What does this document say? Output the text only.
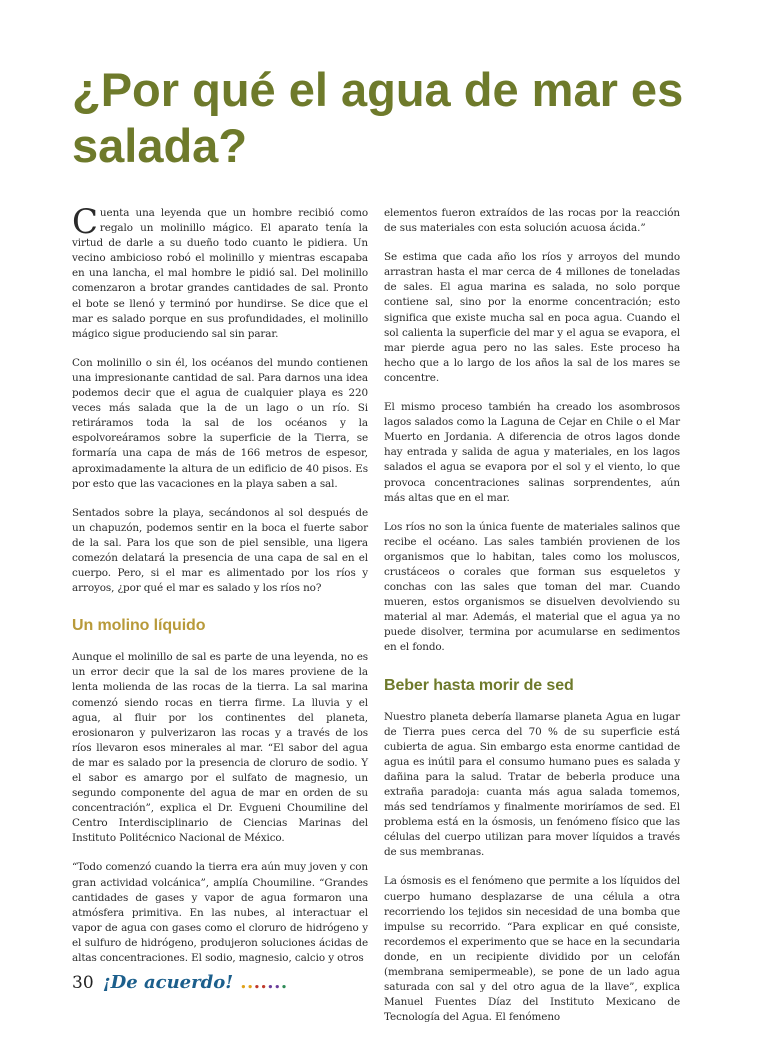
¿Por qué el agua de mar es salada?

Cuenta una leyenda que un hombre recibió como regalo un molinillo mágico. El aparato tenía la virtud de darle a su dueño todo cuanto le pidiera. Un vecino ambicioso robó el molinillo y mientras escapaba en una lancha, el mal hombre le pidió sal. Del molinillo comenzaron a brotar grandes cantidades de sal. Pronto el bote se llenó y terminó por hundirse. Se dice que el mar es salado porque en sus profundidades, el molinillo mágico sigue produciendo sal sin parar.

Con molinillo o sin él, los océanos del mundo contienen una impresionante cantidad de sal. Para darnos una idea podemos decir que el agua de cualquier playa es 220 veces más salada que la de un lago o un río. Si retiráramos toda la sal de los océanos y la espolvoreáramos sobre la superficie de la Tierra, se formaría una capa de más de 166 metros de espesor, aproximadamente la altura de un edificio de 40 pisos. Es por esto que las vacaciones en la playa saben a sal.

Sentados sobre la playa, secándonos al sol después de un chapuzón, podemos sentir en la boca el fuerte sabor de la sal. Para los que son de piel sensible, una ligera comezón delatará la presencia de una capa de sal en el cuerpo. Pero, si el mar es alimentado por los ríos y arroyos, ¿por qué el mar es salado y los ríos no?

Un molino líquido

Aunque el molinillo de sal es parte de una leyenda, no es un error decir que la sal de los mares proviene de la lenta molienda de las rocas de la tierra. La sal marina comenzó siendo rocas en tierra firme. La lluvia y el agua, al fluir por los continentes del planeta, erosionaron y pulverizaron las rocas y a través de los ríos llevaron esos minerales al mar. “El sabor del agua de mar es salado por la presencia de cloruro de sodio. Y el sabor es amargo por el sulfato de magnesio, un segundo componente del agua de mar en orden de su concentración”, explica el Dr. Evgueni Choumiline del Centro Interdisciplinario de Ciencias Marinas del Instituto Politécnico Nacional de México.

“Todo comenzó cuando la tierra era aún muy joven y con gran actividad volcánica”, amplía Choumiline. “Grandes cantidades de gases y vapor de agua formaron una atmósfera primitiva. En las nubes, al interactuar el vapor de agua con gases como el cloruro de hidrógeno y el sulfuro de hidrógeno, produjeron soluciones ácidas de altas concentraciones. El sodio, magnesio, calcio y otros

elementos fueron extraídos de las rocas por la reacción de sus materiales con esta solución acuosa ácida.”

Se estima que cada año los ríos y arroyos del mundo arrastran hasta el mar cerca de 4 millones de toneladas de sales. El agua marina es salada, no solo porque contiene sal, sino por la enorme concentración; esto significa que existe mucha sal en poca agua. Cuando el sol calienta la superficie del mar y el agua se evapora, el mar pierde agua pero no las sales. Este proceso ha hecho que a lo largo de los años la sal de los mares se concentre.

El mismo proceso también ha creado los asombrosos lagos salados como la Laguna de Cejar en Chile o el Mar Muerto en Jordania. A diferencia de otros lagos donde hay entrada y salida de agua y materiales, en los lagos salados el agua se evapora por el sol y el viento, lo que provoca concentraciones salinas sorprendentes, aún más altas que en el mar.

Los ríos no son la única fuente de materiales salinos que recibe el océano. Las sales también provienen de los organismos que lo habitan, tales como los moluscos, crustáceos o corales que forman sus esqueletos y conchas con las sales que toman del mar. Cuando mueren, estos organismos se disuelven devolviendo su material al mar. Además, el material que el agua ya no puede disolver, termina por acumularse en sedimentos en el fondo.

Beber hasta morir de sed

Nuestro planeta debería llamarse planeta Agua en lugar de Tierra pues cerca del 70 % de su superficie está cubierta de agua. Sin embargo esta enorme cantidad de agua es inútil para el consumo humano pues es salada y dañina para la salud. Tratar de beberla produce una extraña paradoja: cuanta más agua salada tomemos, más sed tendríamos y finalmente moriríamos de sed. El problema está en la ósmosis, un fenómeno físico que las células del cuerpo utilizan para mover líquidos a través de sus membranas.

La ósmosis es el fenómeno que permite a los líquidos del cuerpo humano desplazarse de una célula a otra recorriendo los tejidos sin necesidad de una bomba que impulse su recorrido. “Para explicar en qué consiste, recordemos el experimento que se hace en la secundaria donde, en un recipiente dividido por un celofán (membrana semipermeable), se pone de un lado agua saturada con sal y del otro agua de la llave”, explica Manuel Fuentes Díaz del Instituto Mexicano de Tecnología del Agua. El fenómeno

30 ¡De acuerdo! .......
